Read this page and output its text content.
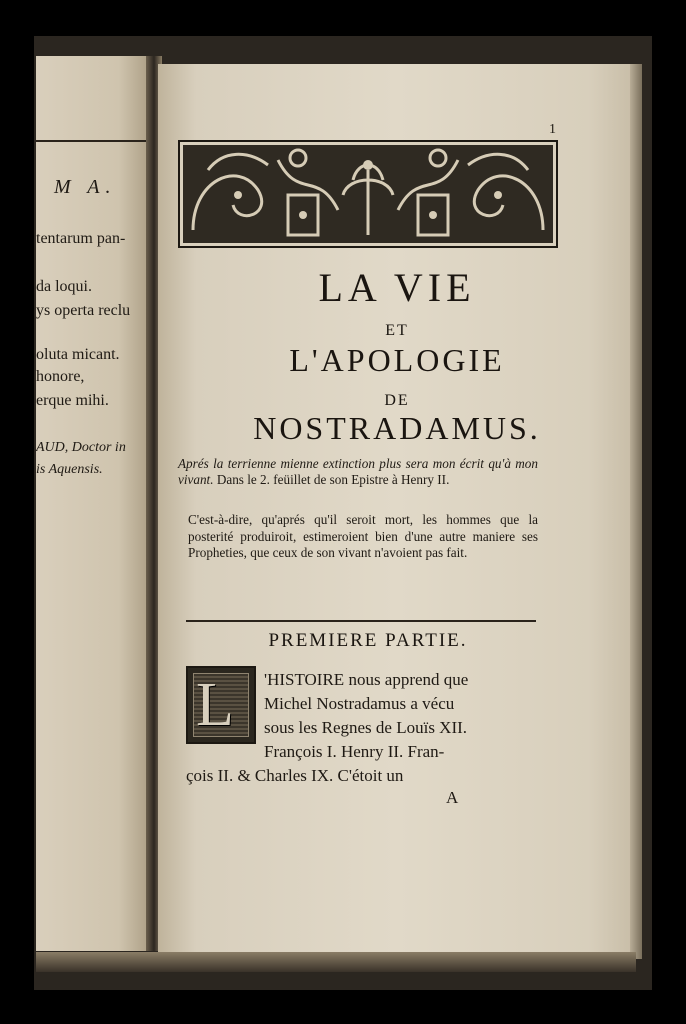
M A.
tentarum pan-
da loqui.
ys operta reclu
oluta micant.
honore,
erque mihi.
AUD, Doctor in
is Aquensis.
1
LA VIE
ET
L'APOLOGIE
DE
NOSTRADAMUS.
Aprés la terrienne mienne extinction plus sera mon écrit qu'à mon vivant. Dans le 2. feüillet de son Epistre à Henry II.
C'est-à-dire, qu'aprés qu'il seroit mort, les hommes que la posterité produiroit, estimeroient bien d'une autre maniere ses Propheties, que ceux de son vivant n'avoient pas fait.
PREMIERE PARTIE.
L 'HISTOIRE nous apprend que
Michel Nostradamus a vécu
sous les Regnes de Louïs XII.
François I. Henry II. Fran-
çois II. & Charles IX. C'étoit un
A
